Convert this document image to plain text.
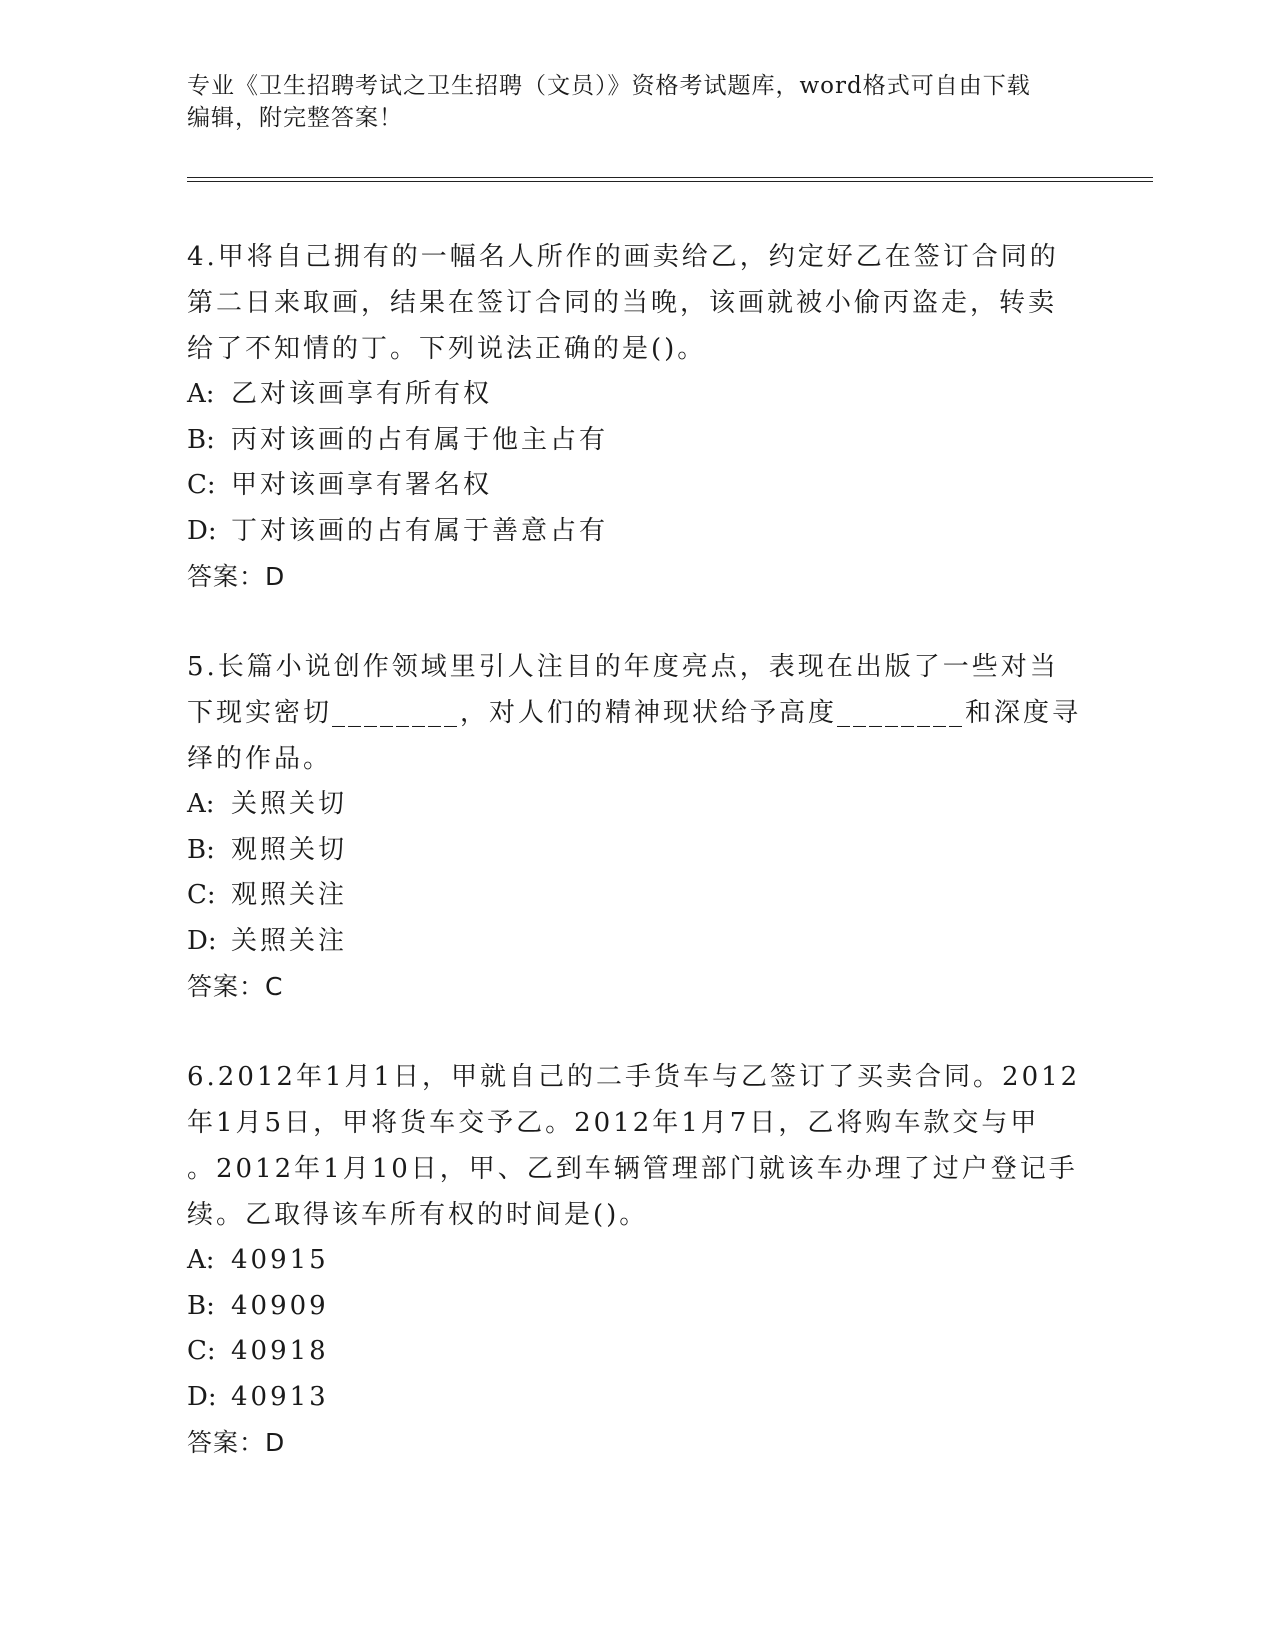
专业《卫生招聘考试之卫生招聘（文员）》资格考试题库，word格式可自由下载
编辑，附完整答案！
4.甲将自己拥有的一幅名人所作的画卖给乙，约定好乙在签订合同的
第二日来取画，结果在签订合同的当晚，该画就被小偷丙盗走，转卖
给了不知情的丁。下列说法正确的是()。
A: 乙对该画享有所有权
B: 丙对该画的占有属于他主占有
C: 甲对该画享有署名权
D: 丁对该画的占有属于善意占有
答案：D
5.长篇小说创作领域里引人注目的年度亮点，表现在出版了一些对当
下现实密切________，对人们的精神现状给予高度________和深度寻
绎的作品。
A: 关照关切
B: 观照关切
C: 观照关注
D: 关照关注
答案：C
6.2012年1月1日，甲就自己的二手货车与乙签订了买卖合同。2012
年1月5日，甲将货车交予乙。2012年1月7日，乙将购车款交与甲
。2012年1月10日，甲、乙到车辆管理部门就该车办理了过户登记手
续。乙取得该车所有权的时间是()。
A: 40915
B: 40909
C: 40918
D: 40913
答案：D
